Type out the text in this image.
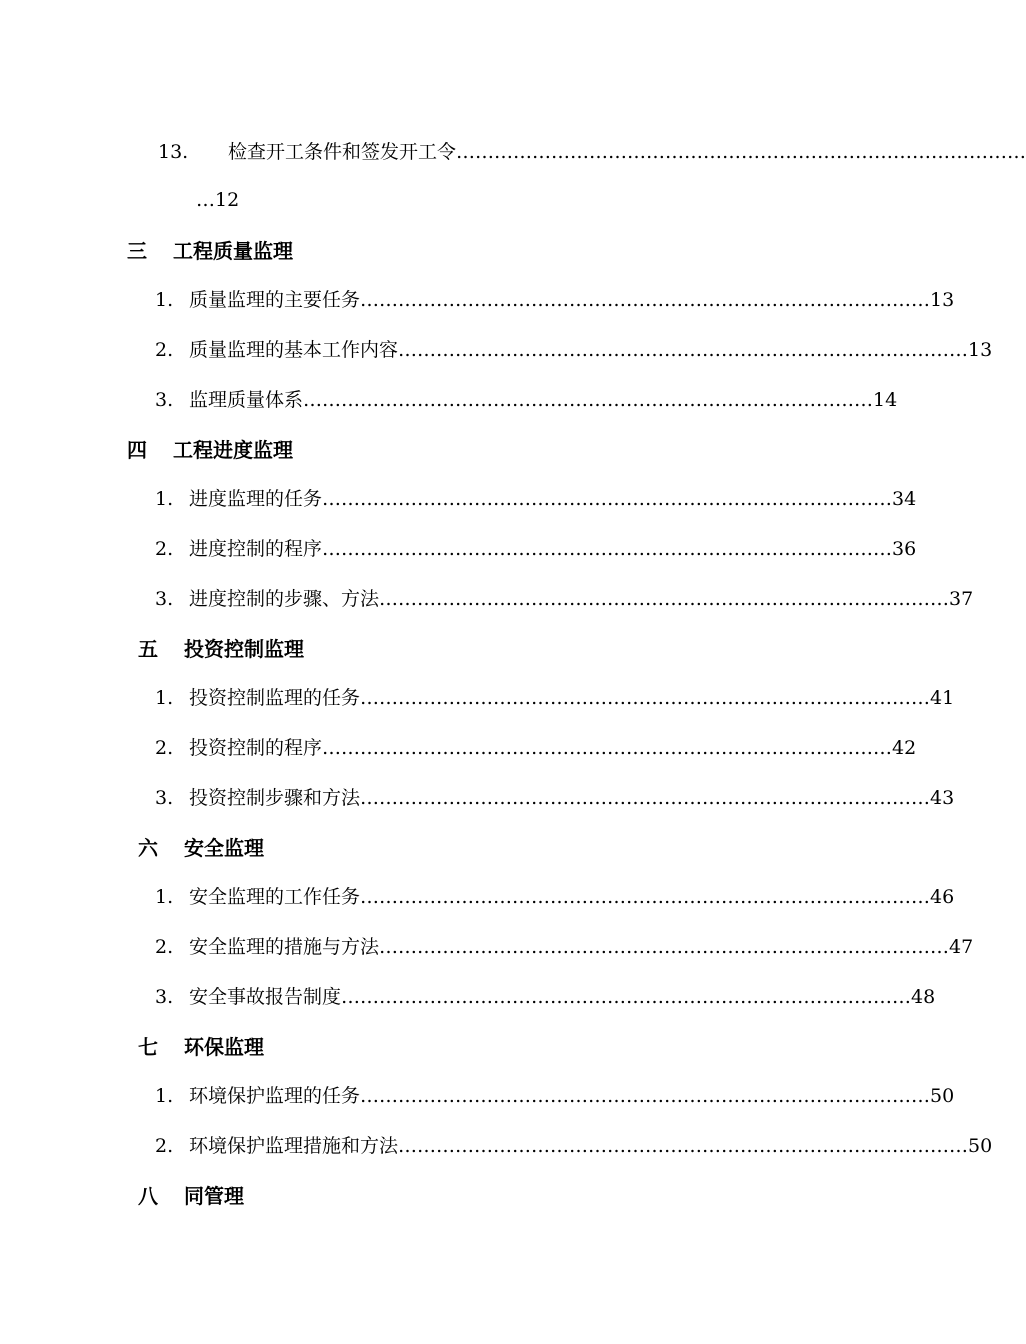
13.	检查开工条件和签发开工令 ………………………………………………………………………………
…12
三 工程质量监理
1. 质量监理的主要任务 ……………………………………………………………………………… 13
2. 质量监理的基本工作内容 ……………………………………………………………………………… 13
3. 监理质量体系 ……………………………………………………………………………… 14
四 工程进度监理
1. 进度监理的任务 ……………………………………………………………………………… 34
2. 进度控制的程序 ……………………………………………………………………………… 36
3. 进度控制的步骤、方法 ……………………………………………………………………………… 37
五 投资控制监理
1. 投资控制监理的任务 ……………………………………………………………………………… 41
2. 投资控制的程序 ……………………………………………………………………………… 42
3. 投资控制步骤和方法 ……………………………………………………………………………… 43
六 安全监理
1. 安全监理的工作任务 ……………………………………………………………………………… 46
2. 安全监理的措施与方法 ……………………………………………………………………………… 47
3. 安全事故报告制度 ……………………………………………………………………………… 48
七 环保监理
1. 环境保护监理的任务 ……………………………………………………………………………… 50
2. 环境保护监理措施和方法 ……………………………………………………………………………… 50
八 同管理
